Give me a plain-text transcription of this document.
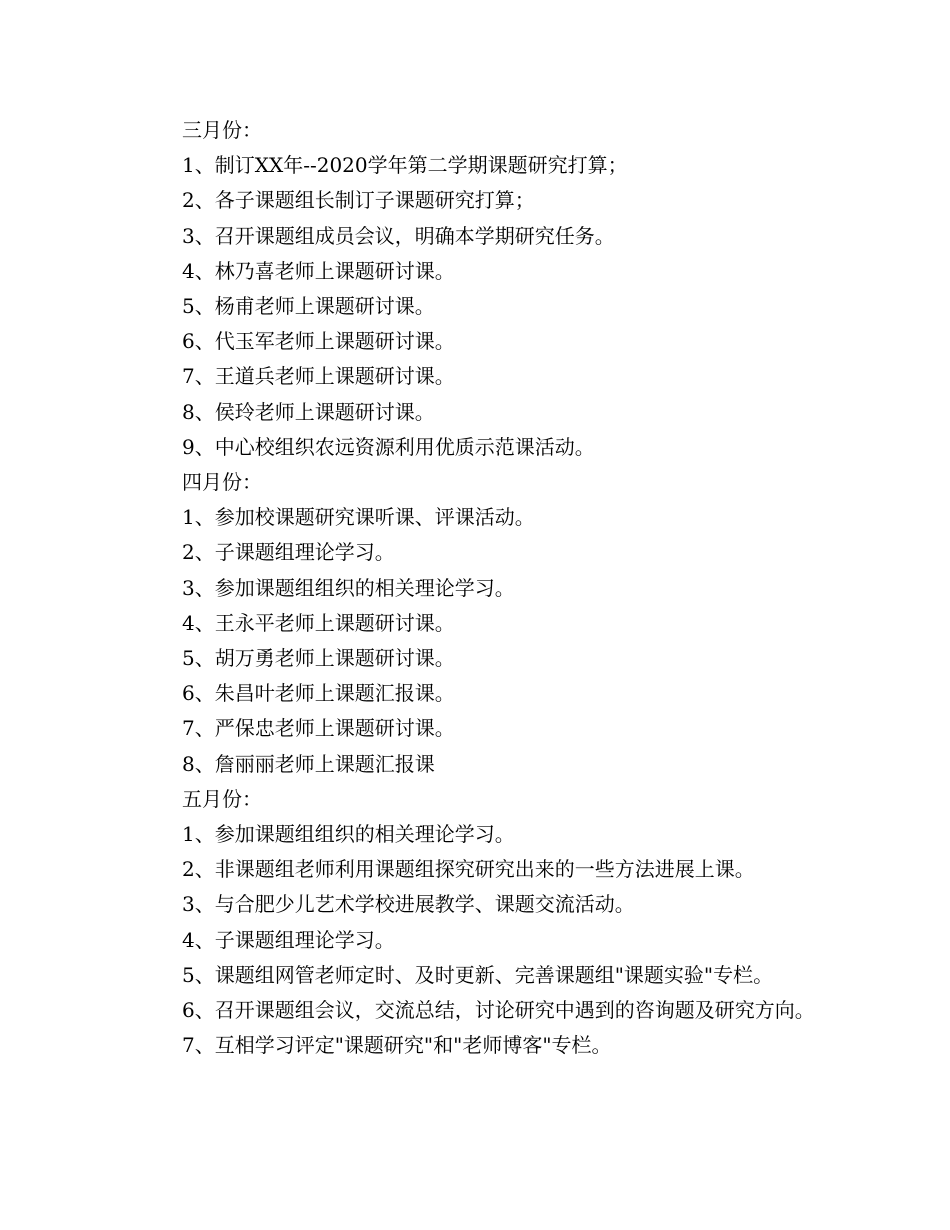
三月份：
1、制订XX年--2020学年第二学期课题研究打算；
2、各子课题组长制订子课题研究打算；
3、召开课题组成员会议，明确本学期研究任务。
4、林乃喜老师上课题研讨课。
5、杨甫老师上课题研讨课。
6、代玉军老师上课题研讨课。
7、王道兵老师上课题研讨课。
8、侯玲老师上课题研讨课。
9、中心校组织农远资源利用优质示范课活动。
四月份：
1、参加校课题研究课听课、评课活动。
2、子课题组理论学习。
3、参加课题组组织的相关理论学习。
4、王永平老师上课题研讨课。
5、胡万勇老师上课题研讨课。
6、朱昌叶老师上课题汇报课。
7、严保忠老师上课题研讨课。
8、詹丽丽老师上课题汇报课
五月份：
1、参加课题组组织的相关理论学习。
2、非课题组老师利用课题组探究研究出来的一些方法进展上课。
3、与合肥少儿艺术学校进展教学、课题交流活动。
4、子课题组理论学习。
5、课题组网管老师定时、及时更新、完善课题组"课题实验"专栏。
6、召开课题组会议，交流总结，讨论研究中遇到的咨询题及研究方向。
7、互相学习评定"课题研究"和"老师博客"专栏。
